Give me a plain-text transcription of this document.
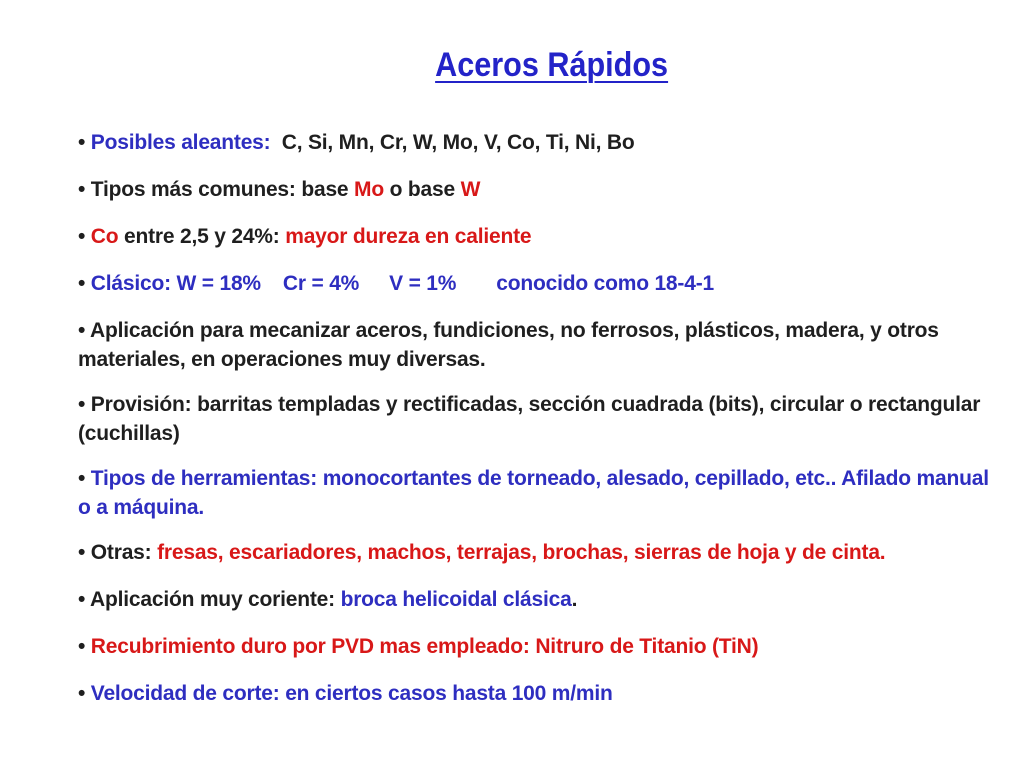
Aceros Rápidos
• Posibles aleantes: C, Si, Mn, Cr, W, Mo, V, Co, Ti, Ni, Bo
• Tipos más comunes: base Mo o base W
• Co entre 2,5 y 24%: mayor dureza en caliente
• Clásico: W = 18% Cr = 4% V = 1% conocido como 18-4-1
• Aplicación para mecanizar aceros, fundiciones, no ferrosos, plásticos, madera, y otros materiales, en operaciones muy diversas.
• Provisión: barritas templadas y rectificadas, sección cuadrada (bits), circular o rectangular (cuchillas)
• Tipos de herramientas: monocortantes de torneado, alesado, cepillado, etc.. Afilado manual o a máquina.
• Otras: fresas, escariadores, machos, terrajas, brochas, sierras de hoja y de cinta.
• Aplicación muy coriente: broca helicoidal clásica.
• Recubrimiento duro por PVD mas empleado: Nitruro de Titanio (TiN)
• Velocidad de corte: en ciertos casos hasta 100 m/min
